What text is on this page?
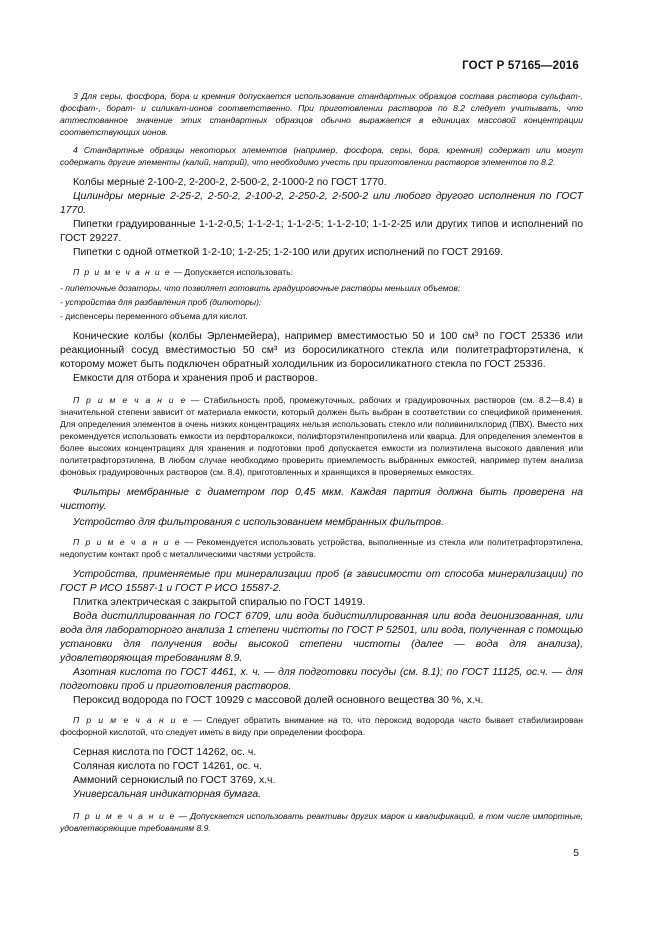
ГОСТ Р 57165—2016

3 Для серы, фосфора, бора и кремния допускается использование стандартных образцов состава растворa сульфат-, фосфат-, борат- и силикат-ионов соответственно. При приготовлении растворов по 8.2 следует учитывать, что аттестованное значение этих стандартных образцов обычно выражается в единицах массовой концентрации соответствующих ионов.

4 Стандартные образцы некоторых элементов (например, фосфора, серы, бора, кремния) содержат или могут содержать другие элементы (калий, натрий), что необходимо учесть при приготовлении растворов элементов по 8.2.

Колбы мерные 2-100-2, 2-200-2, 2-500-2, 2-1000-2 по ГОСТ 1770.

Цилиндры мерные 2-25-2, 2-50-2, 2-100-2, 2-250-2, 2-500-2 или любого другого исполнения по ГОСТ 1770.

Пипетки градуированные 1-1-2-0,5; 1-1-2-1; 1-1-2-5; 1-1-2-10; 1-1-2-25 или других типов и исполнений по ГОСТ 29227.

Пипетки с одной отметкой 1-2-10; 1-2-25; 1-2-100 или других исполнений по ГОСТ 29169.

П р и м е ч а н и е — Допускается использовать:

- пипеточные дозаторы, что позволяет готовить градуировочные растворы меньших объемов;

- устройства для разбавления проб (дилюторы);

- диспенсеры переменного объема для кислот.

Конические колбы (колбы Эрленмейера), например вместимостью 50 и 100 см³ по ГОСТ 25336 или реакционный сосуд вместимостью 50 см³ из боросиликатного стекла или политетрафторэтилена, к которому может быть подключен обратный холодильник из боросиликатного стекла по ГОСТ 25336.

Емкости для отбора и хранения проб и растворов.

П р и м е ч а н и е — Стабильность проб, промежуточных, рабочих и градуировочных растворов (см. 8.2—8.4) в значительной степени зависит от материала емкости, который должен быть выбран в соответствии со спецификой применения. Для определения элементов в очень низких концентрациях нельзя использовать стекло или поливинилхлорид (ПВХ). Вместо них рекомендуется использовать емкости из перфторалкокси, полифторэтиленпропилена или кварца. Для определения элементов в более высоких концентрациях для хранения и подготовки проб допускается емкости из полиэтилена высокого давления или политетрафторэтилена. В любом случае необходимо проверить приемлемость выбранных емкостей, например путем анализа фоновых градуировочных растворов (см. 8.4), приготовленных и хранящихся в проверяемых емкостях.

Фильтры мембранные с диаметром пор 0,45 мкм. Каждая партия должна быть проверена на чистоту.

Устройство для фильтрования с использованием мембранных фильтров.

П р и м е ч а н и е — Рекомендуется использовать устройства, выполненные из стекла или политетрафторэтилена, недопустим контакт проб с металлическими частями устройств.

Устройства, применяемые при минерализации проб (в зависимости от способа минерализации) по ГОСТ Р ИСО 15587-1 и ГОСТ Р ИСО 15587-2.

Плитка электрическая с закрытой спиралью по ГОСТ 14919.

Вода дистиллированная по ГОСТ 6709, или вода бидистиллированная или вода деионизованная, или вода для лабораторного анализа 1 степени чистоты по ГОСТ Р 52501, или вода, полученная с помощью установки для получения воды высокой степени чистоты (далее — вода для анализа), удовлетворяющая требованиям 8.9.

Азотная кислота по ГОСТ 4461, х. ч. — для подготовки посуды (см. 8.1); по ГОСТ 11125, ос.ч. — для подготовки проб и приготовления растворов.

Пероксид водорода по ГОСТ 10929 с массовой долей основного вещества 30 %, х.ч.

П р и м е ч а н и е — Следует обратить внимание на то, что пероксид водорода часто бывает стабилизирован фосфорной кислотой, что следует иметь в виду при определении фосфора.

Серная кислота по ГОСТ 14262, ос. ч.

Соляная кислота по ГОСТ 14261, ос. ч.

Аммоний сернокислый по ГОСТ 3769, х.ч.

Универсальная индикаторная бумага.

П р и м е ч а н и е — Допускается использовать реактивы других марок и квалификаций, в том числе импортные, удовлетворяющие требованиям 8.9.

5
